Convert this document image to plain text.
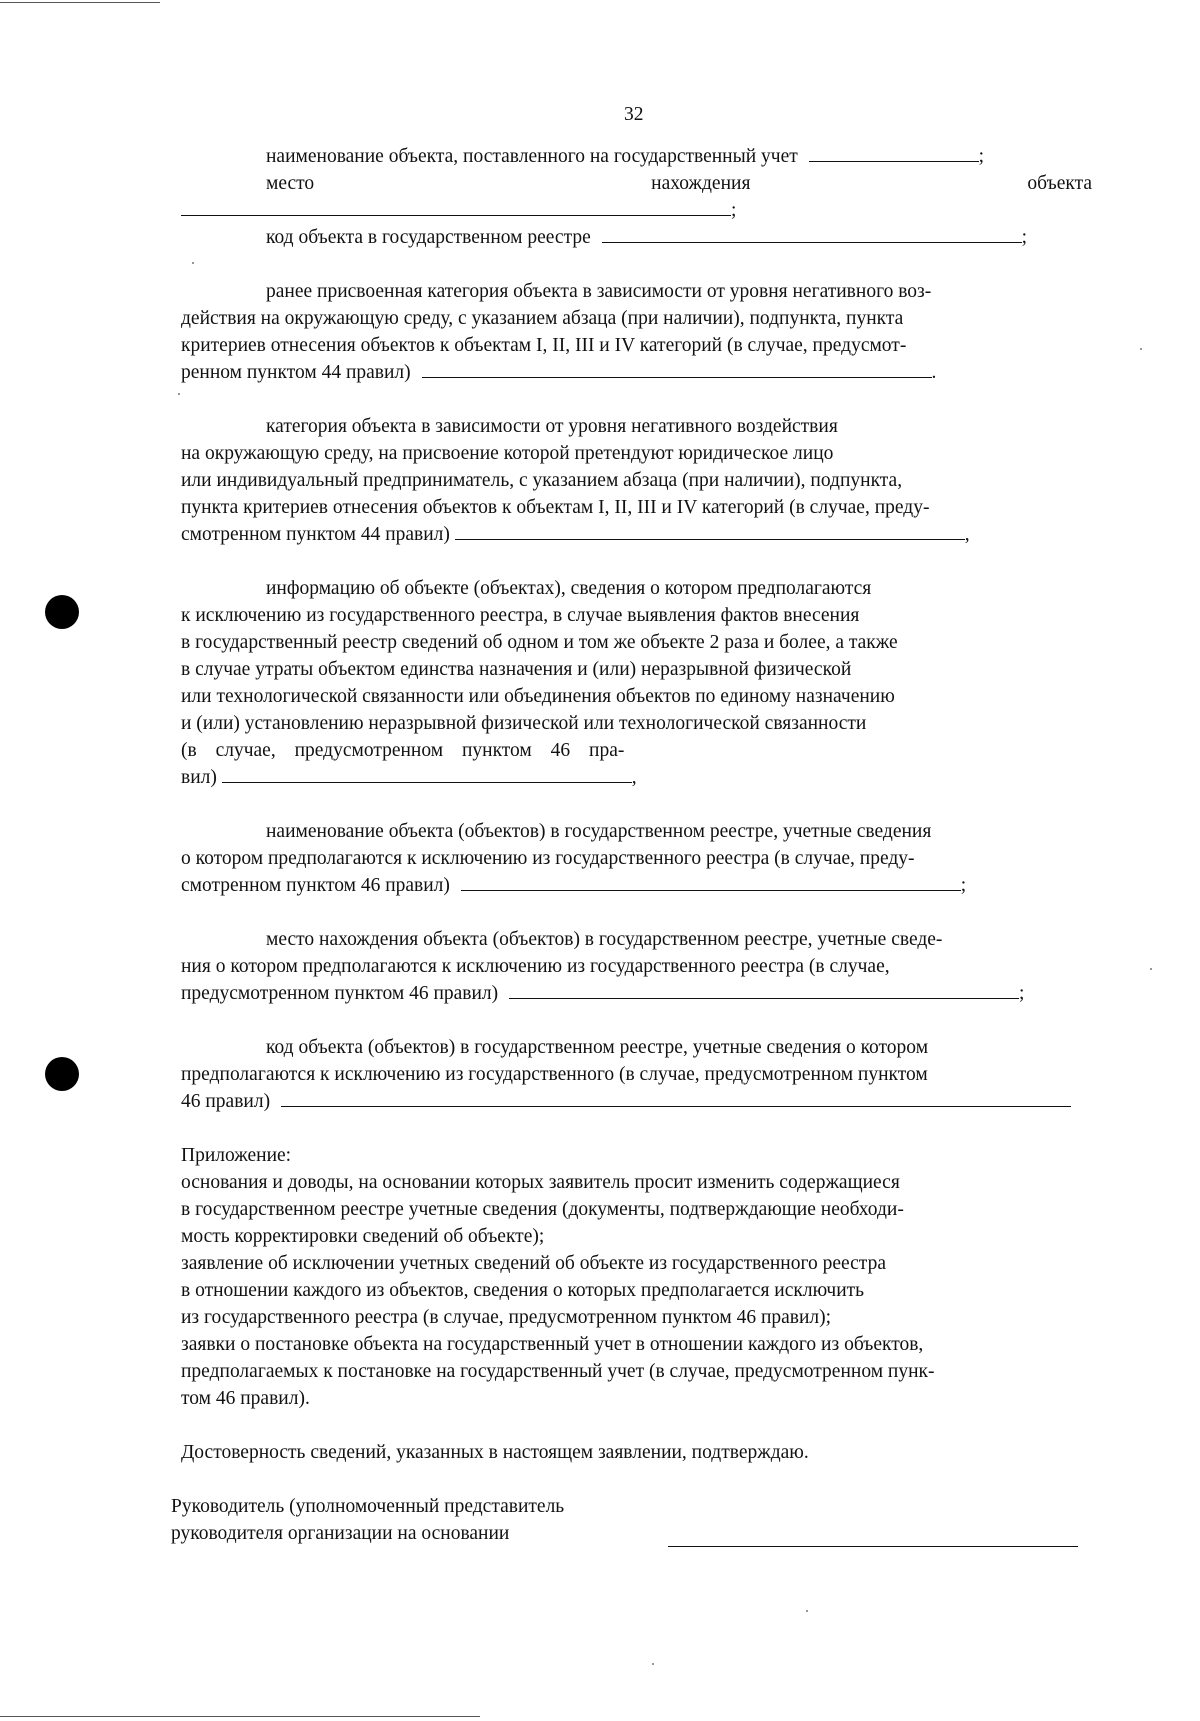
32
наименование объекта, поставленного на государственный учет	;
место	нахождения	объекта
;
код объекта в государственном реестре	;
ранее присвоенная категория объекта в зависимости от уровня негативного воз-
действия на окружающую среду, с указанием абзаца (при наличии), подпункта, пункта
критериев отнесения объектов к объектам I, II, III и IV категорий (в случае, предусмот-
ренном пунктом 44 правил)	.
категория объекта в зависимости от уровня негативного воздействия
на окружающую среду, на присвоение которой претендуют юридическое лицо
или индивидуальный предприниматель, с указанием абзаца (при наличии), подпункта,
пункта критериев отнесения объектов к объектам I, II, III и IV категорий (в случае, преду-
смотренном пунктом 44 правил)	,
информацию об объекте (объектах), сведения о котором предполагаются
к исключению из государственного реестра, в случае выявления фактов внесения
в государственный реестр сведений об одном и том же объекте 2 раза и более, а также
в случае утраты объектом единства назначения и (или) неразрывной физической
или технологической связанности или объединения объектов по единому назначению
и (или) установлению неразрывной физической или технологической связанности
(в случае, предусмотренном пунктом 46 пра-
вил)	,
наименование объекта (объектов) в государственном реестре, учетные сведения
о котором предполагаются к исключению из государственного реестра (в случае, преду-
смотренном пунктом 46 правил)	;
место нахождения объекта (объектов) в государственном реестре, учетные сведе-
ния о котором предполагаются к исключению из государственного реестра (в случае,
предусмотренном пунктом 46 правил)	;
код объекта (объектов) в государственном реестре, учетные сведения о котором
предполагаются к исключению из государственного (в случае, предусмотренном пунктом
46 правил)
Приложение:
основания и доводы, на основании которых заявитель просит изменить содержащиеся
в государственном реестре учетные сведения (документы, подтверждающие необходи-
мость корректировки сведений об объекте);
заявление об исключении учетных сведений об объекте из государственного реестра
в отношении каждого из объектов, сведения о которых предполагается исключить
из государственного реестра (в случае, предусмотренном пунктом 46 правил);
заявки о постановке объекта на государственный учет в отношении каждого из объектов,
предполагаемых к постановке на государственный учет (в случае, предусмотренном пунк-
том 46 правил).
Достоверность сведений, указанных в настоящем заявлении, подтверждаю.
Руководитель (уполномоченный представитель
руководителя организации на основании
